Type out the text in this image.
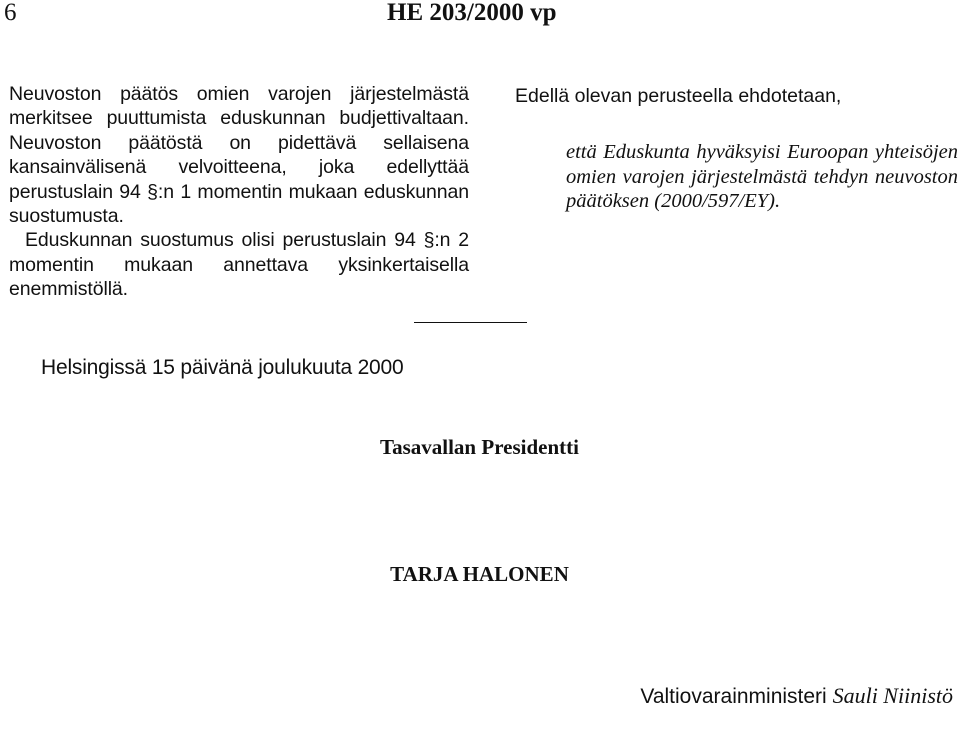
6	HE 203/2000 vp

Neuvoston päätös omien varojen järjestelmästä merkitsee puuttumista eduskunnan budjettivaltaan. Neuvoston päätöstä on pidettävä sellaisena kansainvälisenä velvoitteena, joka edellyttää perustuslain 94 §:n 1 momentin mukaan eduskunnan suostumusta.

Eduskunnan suostumus olisi perustuslain 94 §:n 2 momentin mukaan annettava yksinkertaisella enemmistöllä.

Edellä olevan perusteella ehdotetaan,
että Eduskunta hyväksyisi Euroopan yhteisöjen omien varojen järjestelmästä tehdyn neuvoston päätöksen (2000/597/EY).
Helsingissä 15 päivänä joulukuuta 2000
Tasavallan Presidentti
TARJA HALONEN
Valtiovarainministeri Sauli Niinistö
